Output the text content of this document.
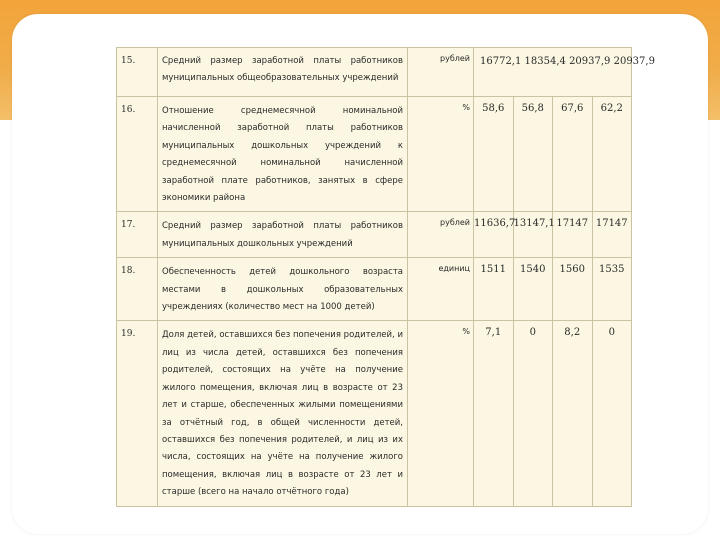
15.	Средний размер заработной платы работников муниципальных общеобразовательных учреждений	рублей	16772,1 18354,4 20937,9 20937,9			
16.	Отношение среднемесячной номинальной начисленной заработной платы работников муниципальных дошкольных учреждений к среднемесячной номинальной начисленной заработной плате работников, занятых в сфере экономики района	%	58,6	56,8	67,6	62,2
17.	Средний размер заработной платы работников муниципальных дошкольных учреждений	рублей	11636,7	13147,1	17147	17147
18.	Обеспеченность детей дошкольного возраста местами в дошкольных образовательных учреждениях (количество мест на 1000 детей)	единиц	1511	1540	1560	1535
19.	Доля детей, оставшихся без попечения родителей, и лиц из числа детей, оставшихся без попечения родителей, состоящих на учёте на получение жилого помещения, включая лиц в возрасте от 23 лет и старше, обеспеченных жилыми помещениями за отчётный год, в общей численности детей, оставшихся без попечения родителей, и лиц из их числа, состоящих на учёте на получение жилого помещения, включая лиц в возрасте от 23 лет и старше (всего на начало отчётного года)	%	7,1	0	8,2	0
